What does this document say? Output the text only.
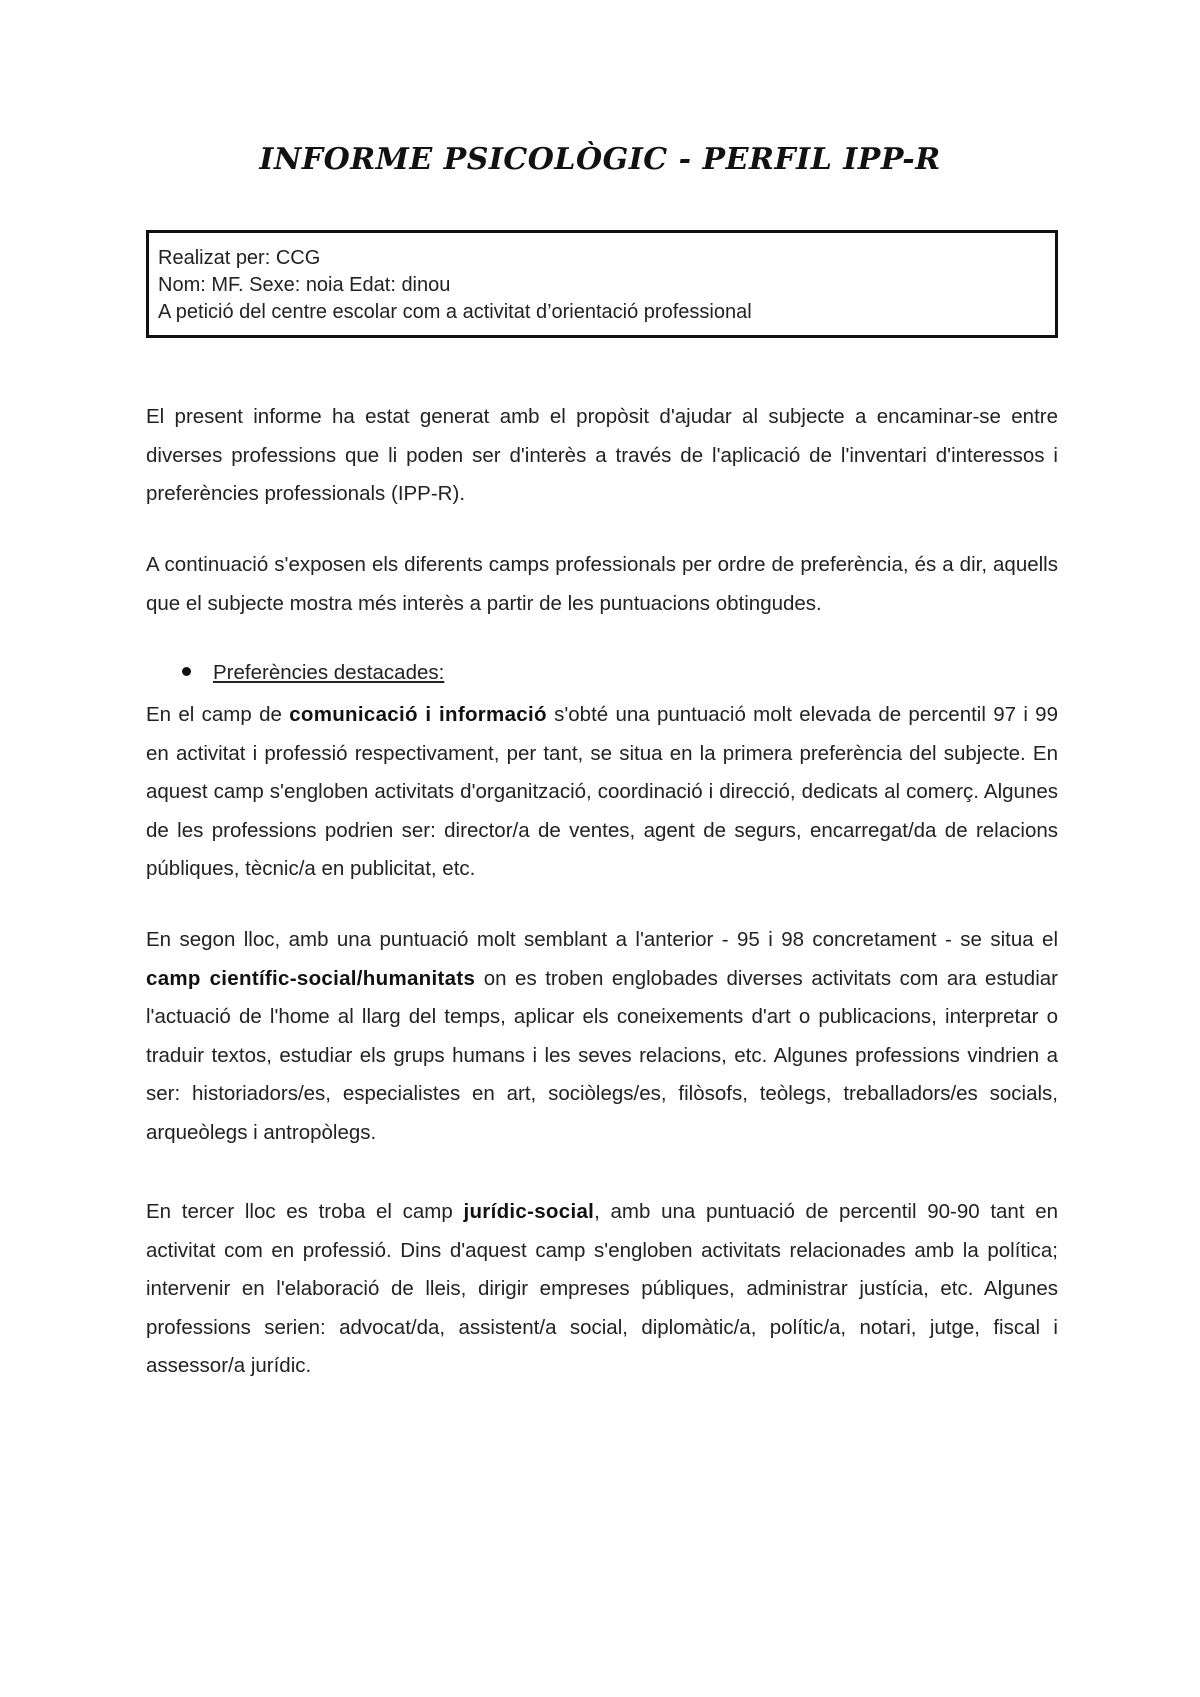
INFORME PSICOLÒGIC - PERFIL IPP-R
Realizat per: CCG
Nom: MF. Sexe: noia Edat: dinou
A petició del centre escolar com a activitat d’orientació professional

El present informe ha estat generat amb el propòsit d'ajudar al subjecte a encaminar-se entre diverses professions que li poden ser d'interès a través de l'aplicació de l'inventari d'interessos i preferències professionals (IPP-R).

A continuació s'exposen els diferents camps professionals per ordre de preferència, és a dir, aquells que el subjecte mostra més interès a partir de les puntuacions obtingudes.

Preferències destacades:

En el camp de comunicació i informació s'obté una puntuació molt elevada de percentil 97 i 99 en activitat i professió respectivament, per tant, se situa en la primera preferència del subjecte. En aquest camp s'engloben activitats d'organització, coordinació i direcció, dedicats al comerç. Algunes de les professions podrien ser: director/a de ventes, agent de segurs, encarregat/da de relacions públiques, tècnic/a en publicitat, etc.

En segon lloc, amb una puntuació molt semblant a l'anterior - 95 i 98 concretament - se situa el camp científic-social/humanitats on es troben englobades diverses activitats com ara estudiar l'actuació de l'home al llarg del temps, aplicar els coneixements d'art o publicacions, interpretar o traduir textos, estudiar els grups humans i les seves relacions, etc. Algunes professions vindrien a ser: historiadors/es, especialistes en art, sociòlegs/es, filòsofs, teòlegs, treballadors/es socials, arqueòlegs i antropòlegs.

En tercer lloc es troba el camp jurídic-social, amb una puntuació de percentil 90-90 tant en activitat com en professió. Dins d'aquest camp s'engloben activitats relacionades amb la política; intervenir en l'elaboració de lleis, dirigir empreses públiques, administrar justícia, etc. Algunes professions serien: advocat/da, assistent/a social, diplomàtic/a, polític/a, notari, jutge, fiscal i assessor/a jurídic.
